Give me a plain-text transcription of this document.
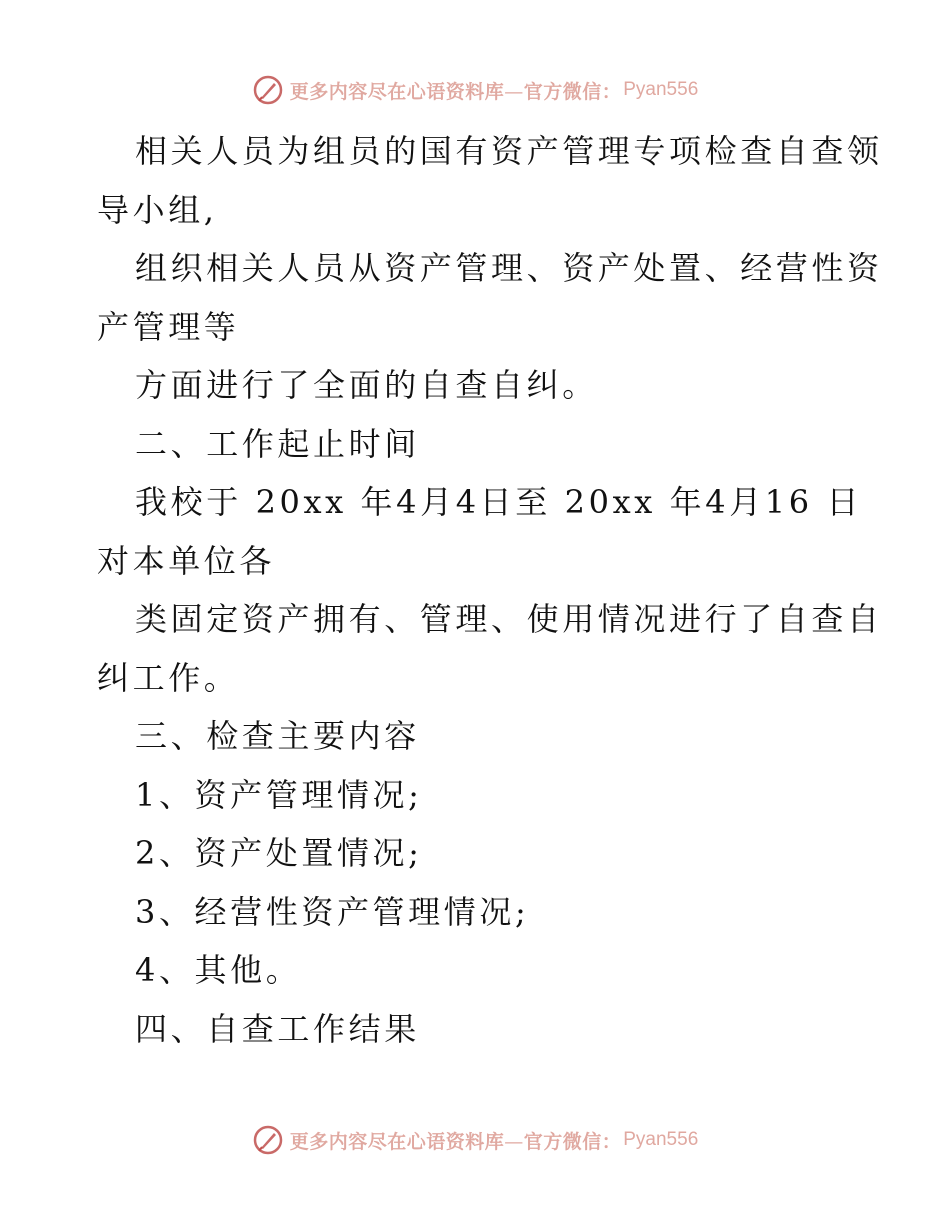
更多内容尽在心语资料库—官方微信： Pyan556
相关人员为组员的国有资产管理专项检查自查领
导小组,
组织相关人员从资产管理、资产处置、经营性资
产管理等
方面进行了全面的自查自纠。
二、工作起止时间
我校于 20xx 年4月4日至 20xx 年4月16 日
对本单位各
类固定资产拥有、管理、使用情况进行了自查自
纠工作。
三、检查主要内容
1、资产管理情况;
2、资产处置情况;
3、经营性资产管理情况;
4、其他。
四、自查工作结果
更多内容尽在心语资料库—官方微信： Pyan556
